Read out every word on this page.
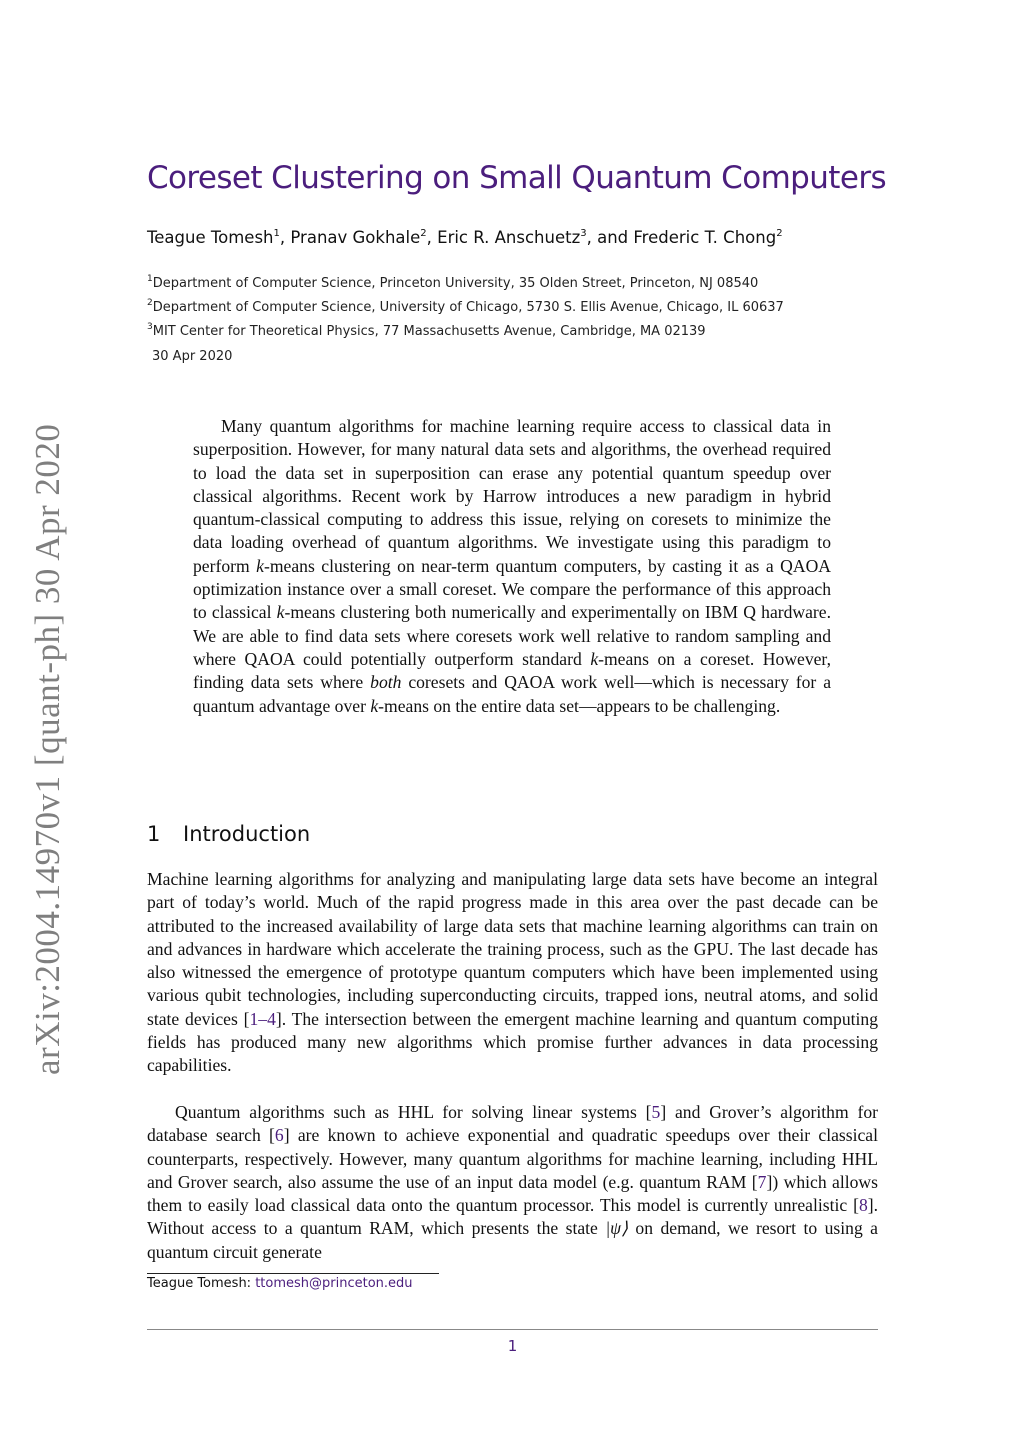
arXiv:2004.14970v1 [quant-ph] 30 Apr 2020
Coreset Clustering on Small Quantum Computers
Teague Tomesh$^1$, Pranav Gokhale$^2$, Eric R. Anschuetz$^3$, and Frederic T. Chong$^2$
$^1$Department of Computer Science, Princeton University, 35 Olden Street, Princeton, NJ 08540
$^2$Department of Computer Science, University of Chicago, 5730 S. Ellis Avenue, Chicago, IL 60637
$^3$MIT Center for Theoretical Physics, 77 Massachusetts Avenue, Cambridge, MA 02139
30 Apr 2020

Many quantum algorithms for machine learning require access to classical data in superposition. However, for many natural data sets and algorithms, the overhead required to load the data set in superposition can erase any potential quantum speedup over classical algorithms. Recent work by Harrow introduces a new paradigm in hybrid quantum-classical computing to address this issue, relying on coresets to minimize the data loading overhead of quantum algorithms. We investigate using this paradigm to perform k-means clustering on near-term quantum computers, by casting it as a QAOA optimization instance over a small coreset. We compare the performance of this approach to classical k-means clustering both numerically and experimentally on IBM Q hardware. We are able to find data sets where coresets work well relative to random sampling and where QAOA could potentially outperform standard k-means on a coreset. However, finding data sets where both coresets and QAOA work well—which is necessary for a quantum advantage over k-means on the entire data set—appears to be challenging.

1 Introduction

Machine learning algorithms for analyzing and manipulating large data sets have become an integral part of today’s world. Much of the rapid progress made in this area over the past decade can be attributed to the increased availability of large data sets that machine learning algorithms can train on and advances in hardware which accelerate the training process, such as the GPU. The last decade has also witnessed the emergence of prototype quantum computers which have been implemented using various qubit technologies, including superconducting circuits, trapped ions, neutral atoms, and solid state devices [1–4]. The intersection between the emergent machine learning and quantum computing fields has produced many new algorithms which promise further advances in data processing capabilities.

Quantum algorithms such as HHL for solving linear systems [5] and Grover’s algorithm for database search [6] are known to achieve exponential and quadratic speedups over their classical counterparts, respectively. However, many quantum algorithms for machine learning, including HHL and Grover search, also assume the use of an input data model (e.g. quantum RAM [7]) which allows them to easily load classical data onto the quantum processor. This model is currently unrealistic [8]. Without access to a quantum RAM, which presents the state |ψ⟩ on demand, we resort to using a quantum circuit generate

Teague Tomesh: ttomesh@princeton.edu
1
